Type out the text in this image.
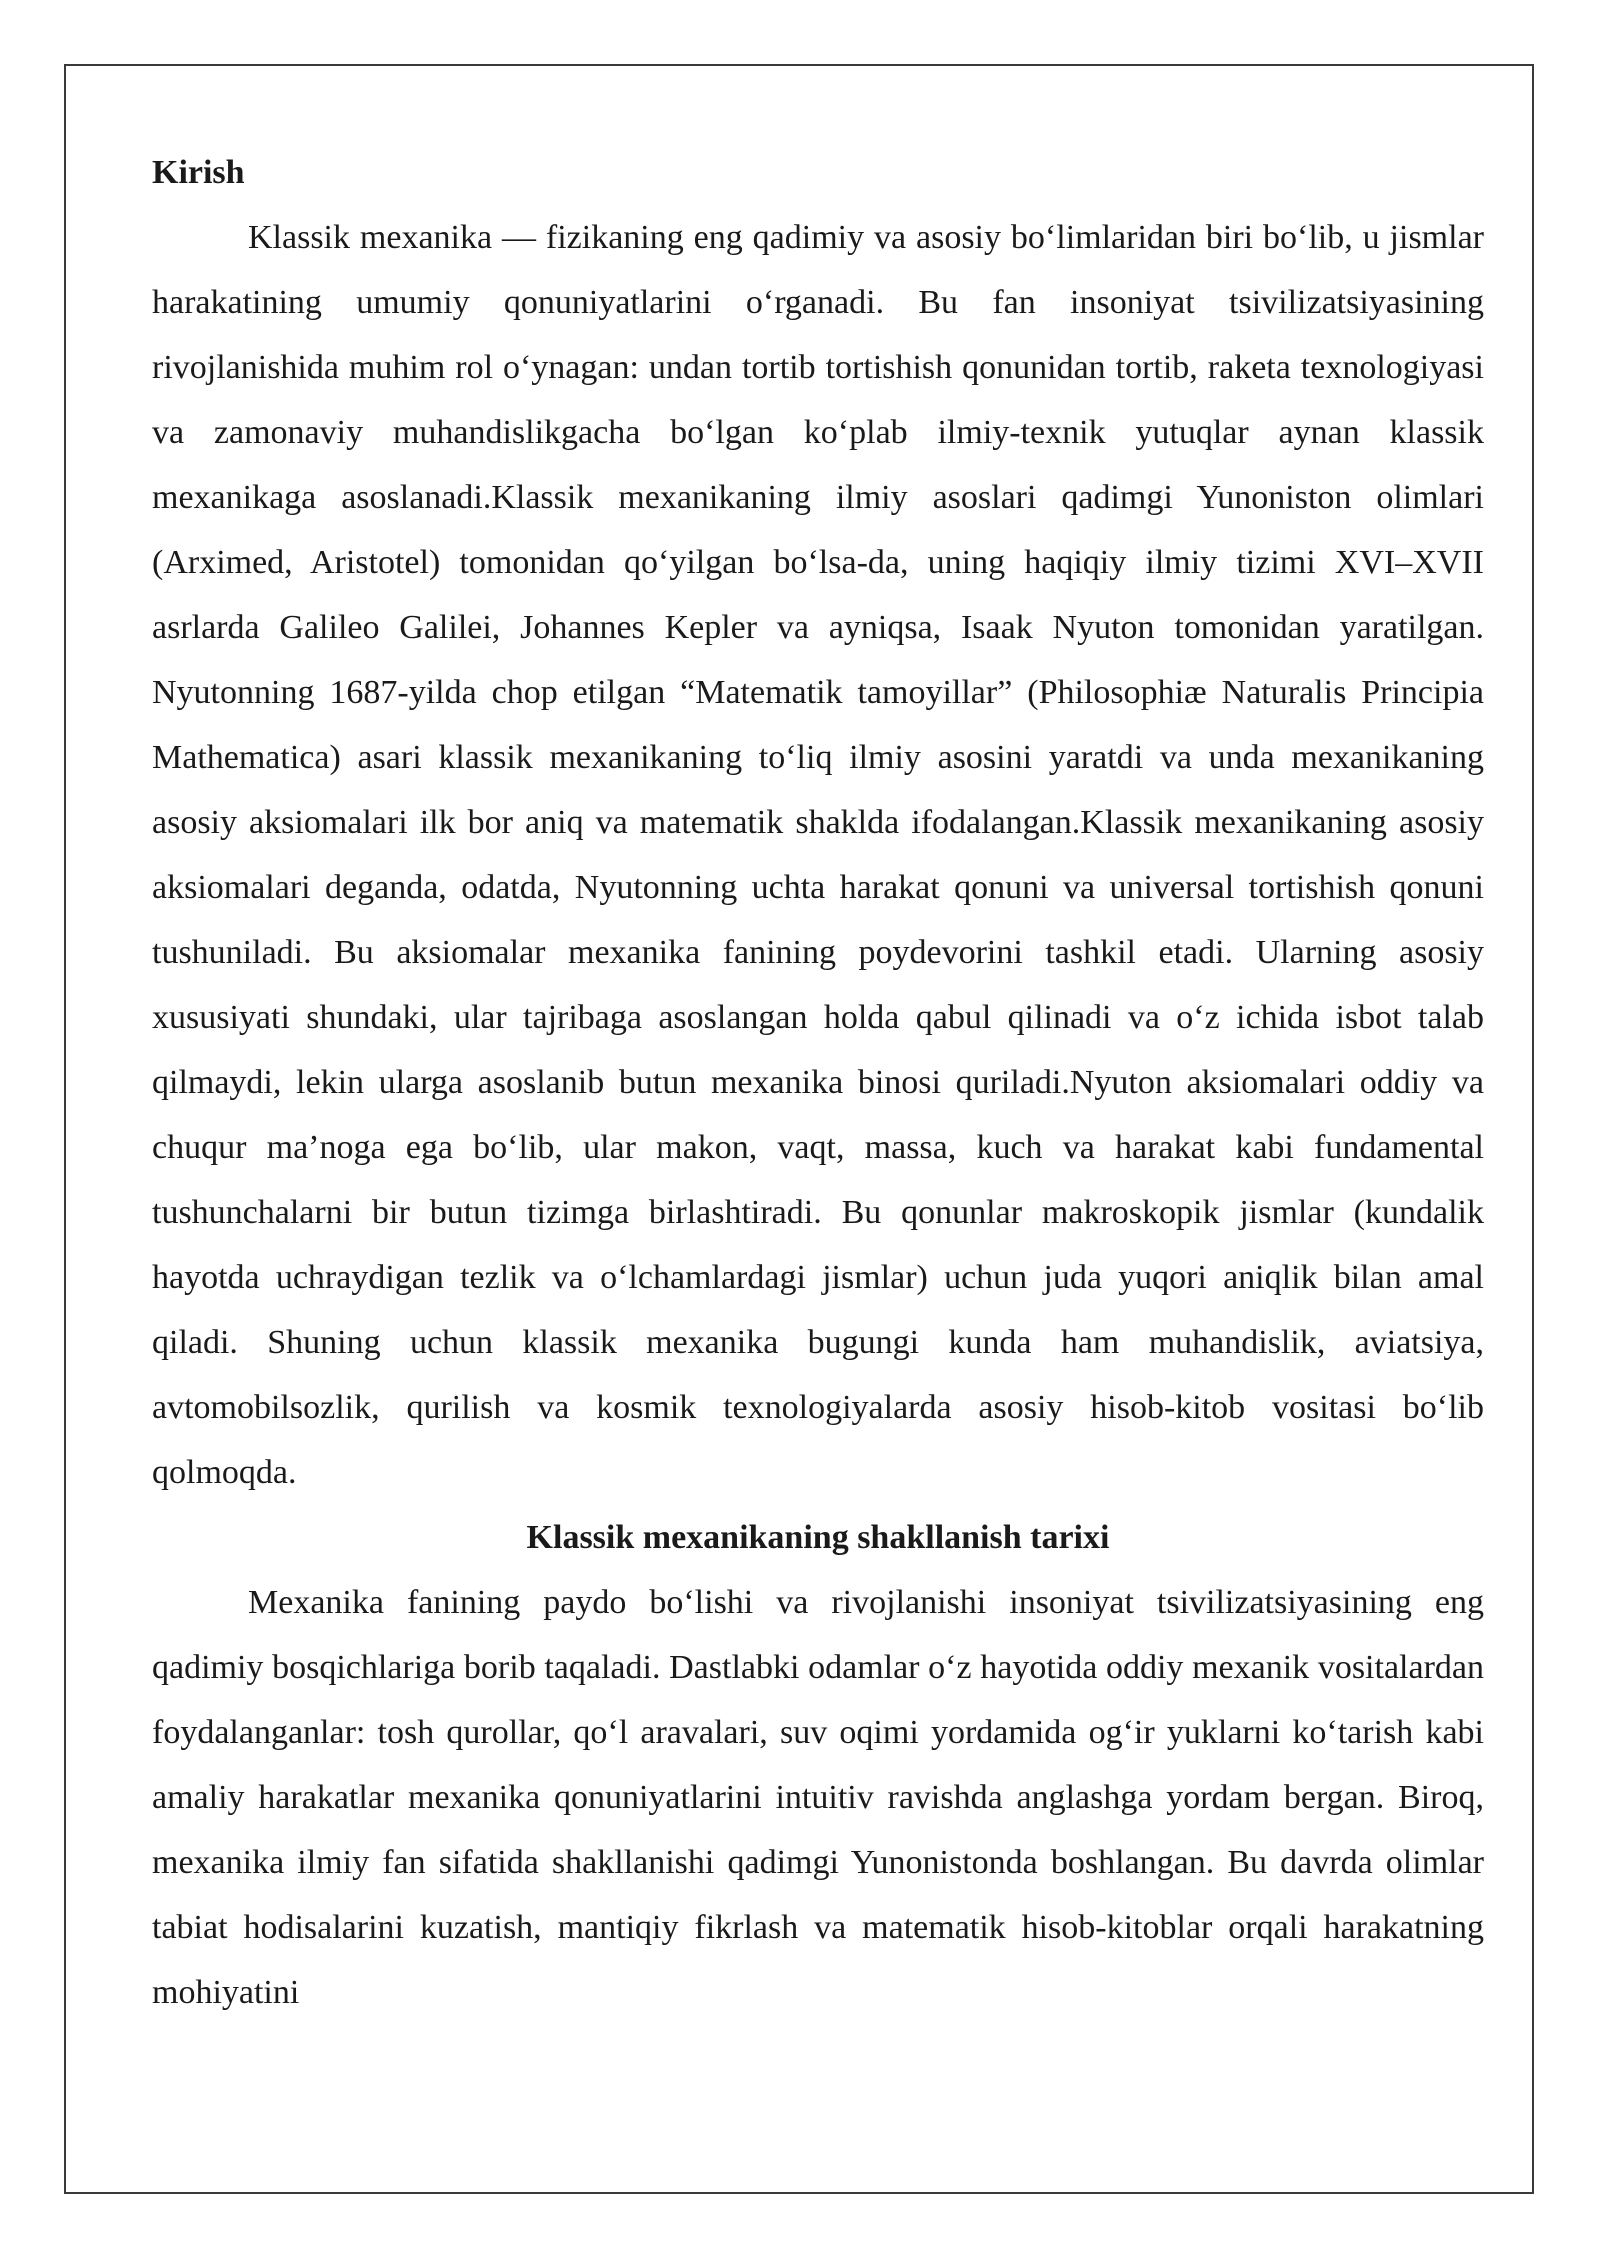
Kirish

Klassik mexanika — fizikaning eng qadimiy va asosiy boʻlimlaridan biri boʻlib, u jismlar harakatining umumiy qonuniyatlarini oʻrganadi. Bu fan insoniyat tsivilizatsiyasining rivojlanishida muhim rol oʻynagan: undan tortib tortishish qonunidan tortib, raketa texnologiyasi va zamonaviy muhandislikgacha boʻlgan koʻplab ilmiy-texnik yutuqlar aynan klassik mexanikaga asoslanadi.Klassik mexanikaning ilmiy asoslari qadimgi Yunoniston olimlari (Arximed, Aristotel) tomonidan qoʻyilgan boʻlsa-da, uning haqiqiy ilmiy tizimi XVI–XVII asrlarda Galileo Galilei, Johannes Kepler va ayniqsa, Isaak Nyuton tomonidan yaratilgan. Nyutonning 1687-yilda chop etilgan “Matematik tamoyillar” (Philosophiæ Naturalis Principia Mathematica) asari klassik mexanikaning toʻliq ilmiy asosini yaratdi va unda mexanikaning asosiy aksiomalari ilk bor aniq va matematik shaklda ifodalangan.Klassik mexanikaning asosiy aksiomalari deganda, odatda, Nyutonning uchta harakat qonuni va universal tortishish qonuni tushuniladi. Bu aksiomalar mexanika fanining poydevorini tashkil etadi. Ularning asosiy xususiyati shundaki, ular tajribaga asoslangan holda qabul qilinadi va oʻz ichida isbot talab qilmaydi, lekin ularga asoslanib butun mexanika binosi quriladi.Nyuton aksiomalari oddiy va chuqur ma’noga ega boʻlib, ular makon, vaqt, massa, kuch va harakat kabi fundamental tushunchalarni bir butun tizimga birlashtiradi. Bu qonunlar makroskopik jismlar (kundalik hayotda uchraydigan tezlik va oʻlchamlardagi jismlar) uchun juda yuqori aniqlik bilan amal qiladi. Shuning uchun klassik mexanika bugungi kunda ham muhandislik, aviatsiya, avtomobilsozlik, qurilish va kosmik texnologiyalarda asosiy hisob-kitob vositasi boʻlib qolmoqda.

Klassik mexanikaning shakllanish tarixi

Mexanika fanining paydo boʻlishi va rivojlanishi insoniyat tsivilizatsiyasining eng qadimiy bosqichlariga borib taqaladi. Dastlabki odamlar oʻz hayotida oddiy mexanik vositalardan foydalanganlar: tosh qurollar, qoʻl aravalari, suv oqimi yordamida ogʻir yuklarni koʻtarish kabi amaliy harakatlar mexanika qonuniyatlarini intuitiv ravishda anglashga yordam bergan. Biroq, mexanika ilmiy fan sifatida shakllanishi qadimgi Yunonistonda boshlangan. Bu davrda olimlar tabiat hodisalarini kuzatish, mantiqiy fikrlash va matematik hisob-kitoblar orqali harakatning mohiyatini
